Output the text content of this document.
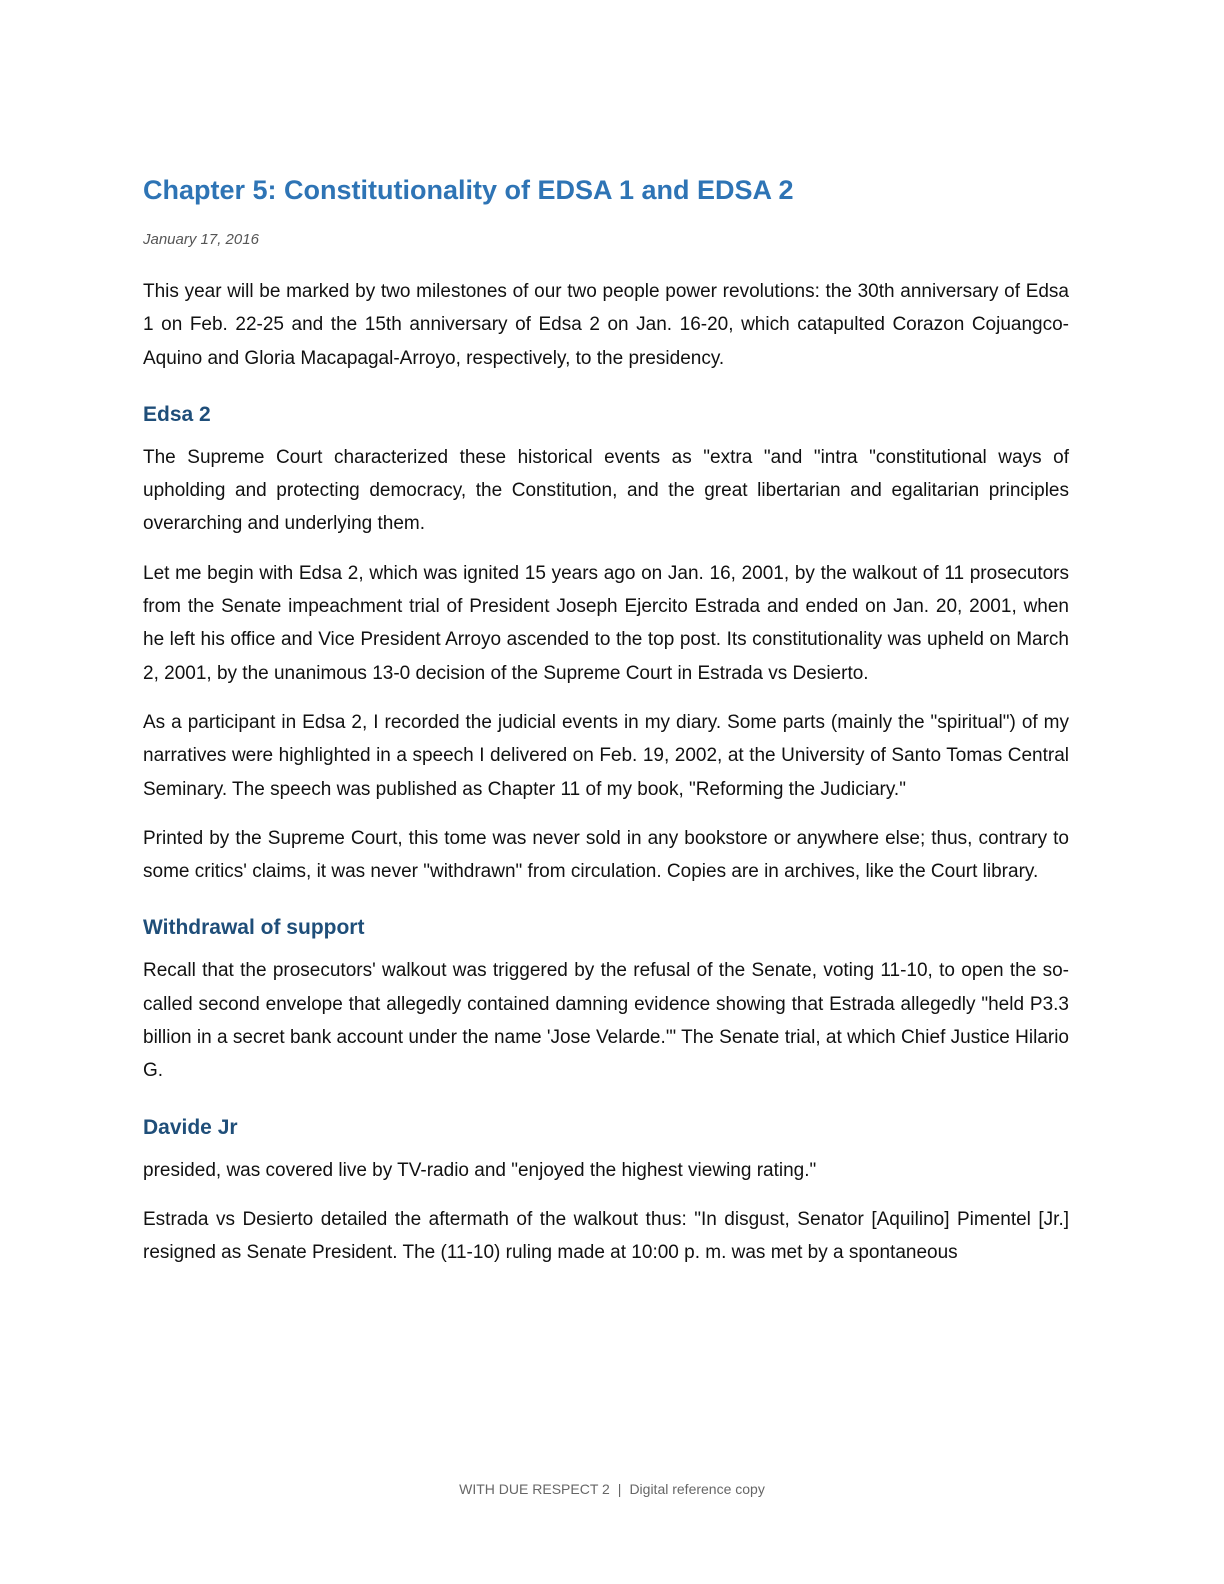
Chapter 5: Constitutionality of EDSA 1 and EDSA 2
January 17, 2016

This year will be marked by two milestones of our two people power revolutions: the 30th anniversary of Edsa 1 on Feb. 22-25 and the 15th anniversary of Edsa 2 on Jan. 16-20, which catapulted Corazon Cojuangco-Aquino and Gloria Macapagal-Arroyo, respectively, to the presidency.

Edsa 2

The Supreme Court characterized these historical events as "extra "and "intra "constitutional ways of upholding and protecting democracy, the Constitution, and the great libertarian and egalitarian principles overarching and underlying them.

Let me begin with Edsa 2, which was ignited 15 years ago on Jan. 16, 2001, by the walkout of 11 prosecutors from the Senate impeachment trial of President Joseph Ejercito Estrada and ended on Jan. 20, 2001, when he left his office and Vice President Arroyo ascended to the top post. Its constitutionality was upheld on March 2, 2001, by the unanimous 13-0 decision of the Supreme Court in Estrada vs Desierto.

As a participant in Edsa 2, I recorded the judicial events in my diary. Some parts (mainly the "spiritual") of my narratives were highlighted in a speech I delivered on Feb. 19, 2002, at the University of Santo Tomas Central Seminary. The speech was published as Chapter 11 of my book, "Reforming the Judiciary."

Printed by the Supreme Court, this tome was never sold in any bookstore or anywhere else; thus, contrary to some critics' claims, it was never "withdrawn" from circulation. Copies are in archives, like the Court library.

Withdrawal of support

Recall that the prosecutors' walkout was triggered by the refusal of the Senate, voting 11-10, to open the so-called second envelope that allegedly contained damning evidence showing that Estrada allegedly "held P3.3 billion in a secret bank account under the name 'Jose Velarde.'" The Senate trial, at which Chief Justice Hilario G.

Davide Jr

presided, was covered live by TV-radio and "enjoyed the highest viewing rating."

Estrada vs Desierto detailed the aftermath of the walkout thus: "In disgust, Senator [Aquilino] Pimentel [Jr.] resigned as Senate President. The (11-10) ruling made at 10:00 p. m. was met by a spontaneous

WITH DUE RESPECT 2 | Digital reference copy
